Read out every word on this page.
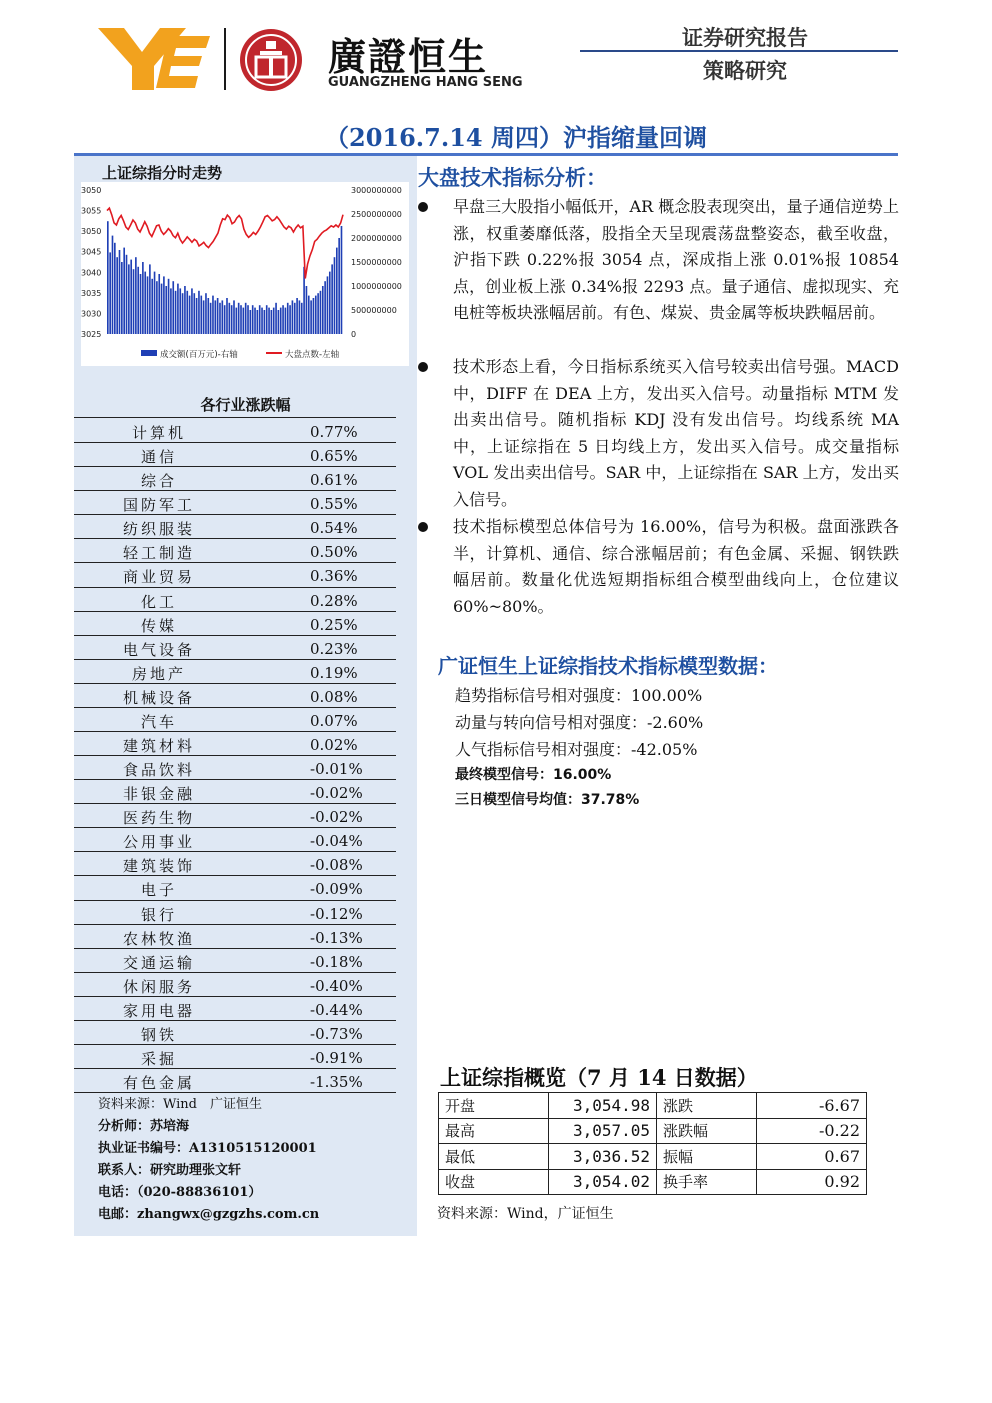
廣證恒生
GUANGZHENG HANG SENG
证券研究报告
策略研究
（2016.7.14 周四）沪指缩量回调
上证综指分时走势
3050
3055
3050
3045
3040
3035
3030
3025
3000000000
2500000000
2000000000
1500000000
1000000000
500000000
0
成交额(百万元)-右轴	大盘点数-左轴
各行业涨跌幅
计算机	0.77%
通信	0.65%
综合	0.61%
国防军工	0.55%
纺织服装	0.54%
轻工制造	0.50%
商业贸易	0.36%
化工	0.28%
传媒	0.25%
电气设备	0.23%
房地产	0.19%
机械设备	0.08%
汽车	0.07%
建筑材料	0.02%
食品饮料	-0.01%
非银金融	-0.02%
医药生物	-0.02%
公用事业	-0.04%
建筑装饰	-0.08%
电子	-0.09%
银行	-0.12%
农林牧渔	-0.13%
交通运输	-0.18%
休闲服务	-0.40%
家用电器	-0.44%
钢铁	-0.73%
采掘	-0.91%
有色金属	-1.35%
资料来源：Wind　广证恒生
分析师：苏培海
执业证书编号：A1310515120001
联系人：研究助理张文轩
电话：（020-88836101）
电邮：zhangwx@gzgzhs.com.cn
大盘技术指标分析：
早盘三大股指小幅低开，AR 概念股表现突出，量子通信逆势上涨，权重萎靡低落，股指全天呈现震荡盘整姿态，截至收盘，沪指下跌 0.22%报 3054 点，深成指上涨 0.01%报 10854 点，创业板上涨 0.34%报 2293 点。量子通信、虚拟现实、充电桩等板块涨幅居前。有色、煤炭、贵金属等板块跌幅居前。
技术形态上看，今日指标系统买入信号较卖出信号强。MACD 中，DIFF 在 DEA 上方，发出买入信号。动量指标 MTM 发出卖出信号。随机指标 KDJ 没有发出信号。均线系统 MA 中，上证综指在 5 日均线上方，发出买入信号。成交量指标 VOL 发出卖出信号。SAR 中，上证综指在 SAR 上方，发出买入信号。
技术指标模型总体信号为 16.00%，信号为积极。盘面涨跌各半，计算机、通信、综合涨幅居前；有色金属、采掘、钢铁跌幅居前。数量化优选短期指标组合模型曲线向上，仓位建议 60%~80%。
广证恒生上证综指技术指标模型数据：
趋势指标信号相对强度：100.00%
动量与转向信号相对强度：-2.60%
人气指标信号相对强度：-42.05%
最终模型信号：16.00%
三日模型信号均值：37.78%
上证综指概览（7 月 14 日数据）
开盘	3,054.98	涨跌	-6.67
最高	3,057.05	涨跌幅	-0.22
最低	3,036.52	振幅	0.67
收盘	3,054.02	换手率	0.92
资料来源：Wind，广证恒生
